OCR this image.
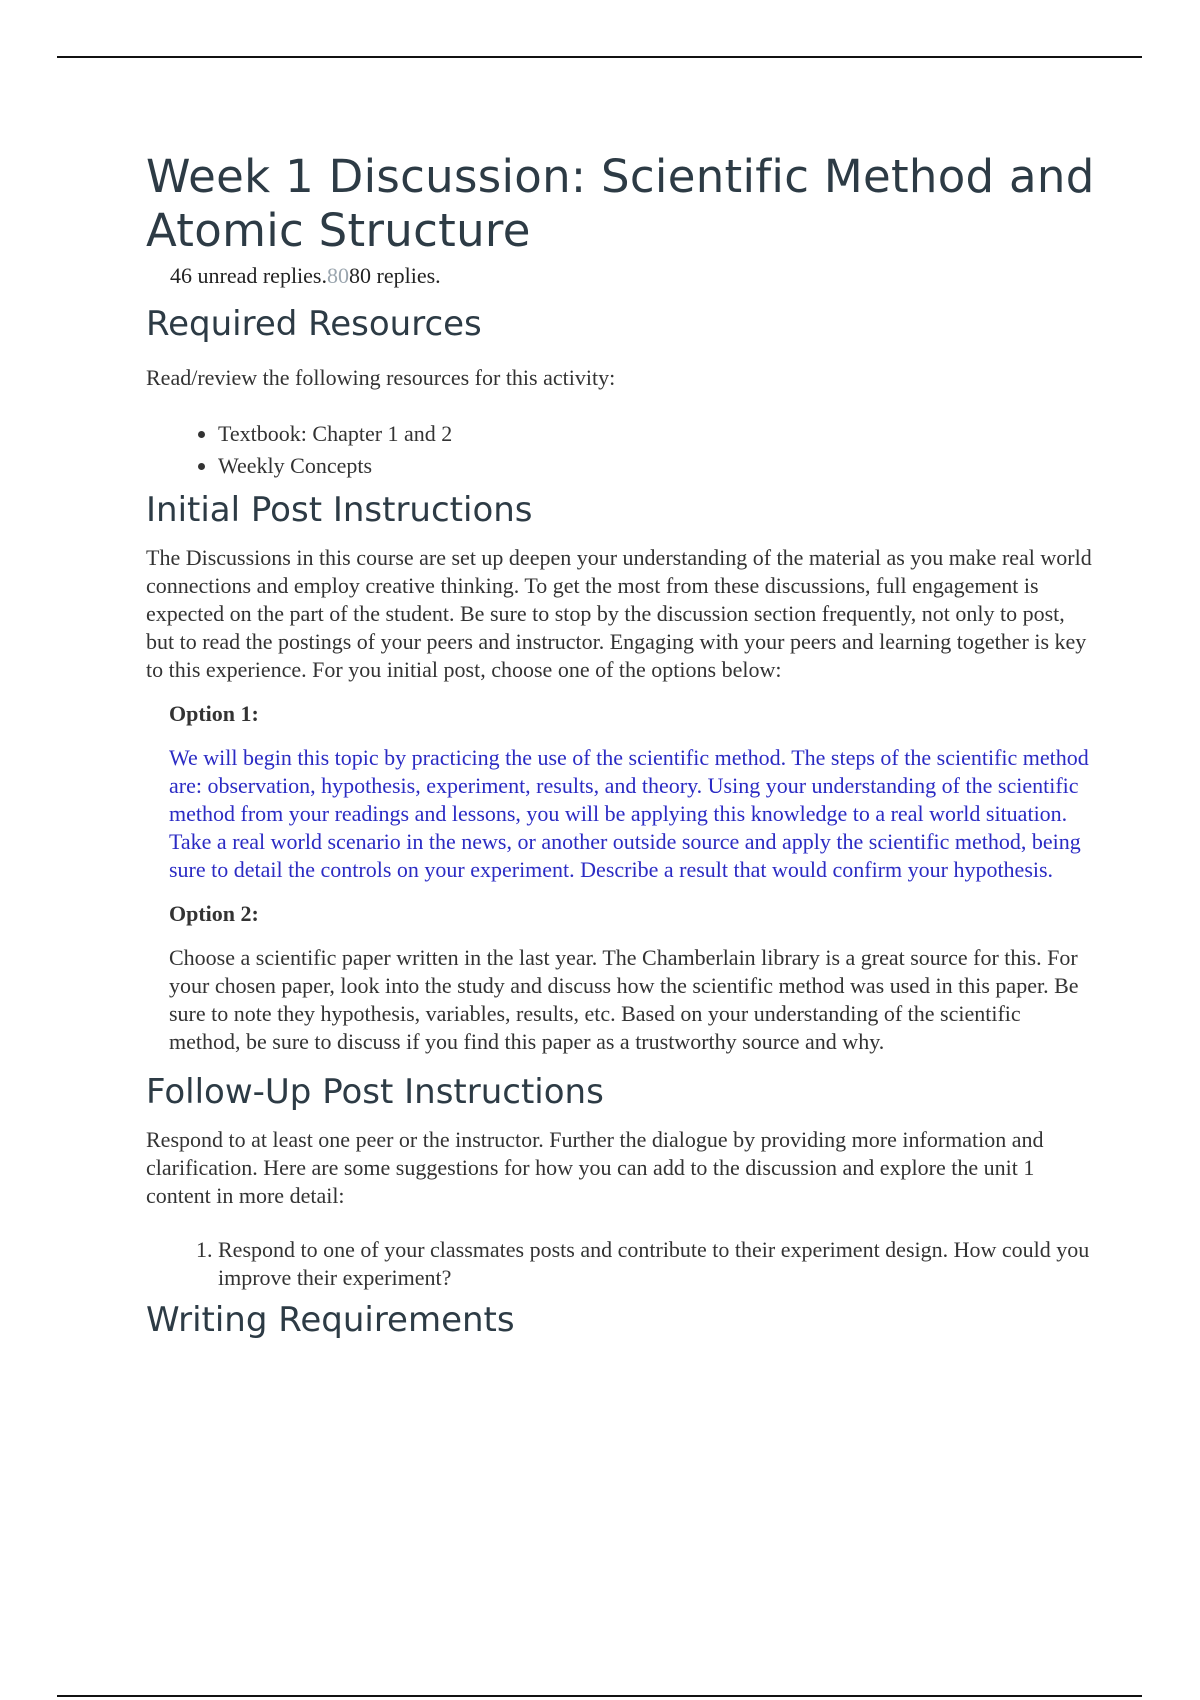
Week 1 Discussion: Scientific Method and Atomic Structure
46 unread replies.8080 replies.
Required Resources

Read/review the following resources for this activity:

• Textbook: Chapter 1 and 2
• Weekly Concepts
Initial Post Instructions

The Discussions in this course are set up deepen your understanding of the material as you make real world connections and employ creative thinking. To get the most from these discussions, full engagement is expected on the part of the student. Be sure to stop by the discussion section frequently, not only to post, but to read the postings of your peers and instructor. Engaging with your peers and learning together is key to this experience. For you initial post, choose one of the options below:

Option 1:

We will begin this topic by practicing the use of the scientific method. The steps of the scientific method are: observation, hypothesis, experiment, results, and theory. Using your understanding of the scientific method from your readings and lessons, you will be applying this knowledge to a real world situation. Take a real world scenario in the news, or another outside source and apply the scientific method, being sure to detail the controls on your experiment. Describe a result that would confirm your hypothesis.

Option 2:

Choose a scientific paper written in the last year. The Chamberlain library is a great source for this. For your chosen paper, look into the study and discuss how the scientific method was used in this paper. Be sure to note they hypothesis, variables, results, etc. Based on your understanding of the scientific method, be sure to discuss if you find this paper as a trustworthy source and why.

Follow-Up Post Instructions

Respond to at least one peer or the instructor. Further the dialogue by providing more information and clarification. Here are some suggestions for how you can add to the discussion and explore the unit 1 content in more detail:

1. Respond to one of your classmates posts and contribute to their experiment design. How could you improve their experiment?
Writing Requirements
